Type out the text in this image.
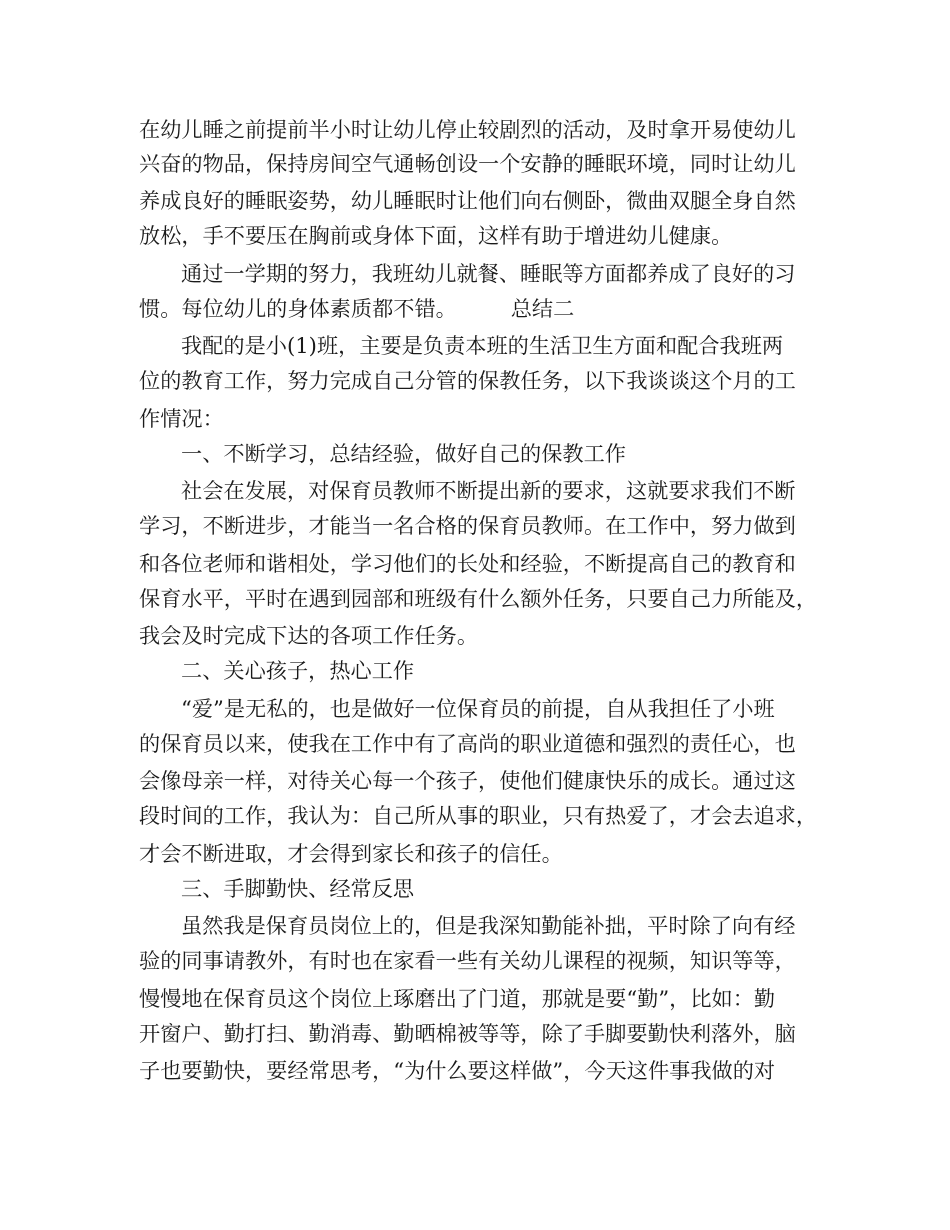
在幼儿睡之前提前半小时让幼儿停止较剧烈的活动，及时拿开易使幼儿
兴奋的物品，保持房间空气通畅创设一个安静的睡眠环境，同时让幼儿
养成良好的睡眠姿势，幼儿睡眠时让他们向右侧卧，微曲双腿全身自然
放松，手不要压在胸前或身体下面，这样有助于增进幼儿健康。
通过一学期的努力，我班幼儿就餐、睡眠等方面都养成了良好的习
惯。每位幼儿的身体素质都不错。        总结二
我配的是小(1)班，主要是负责本班的生活卫生方面和配合我班两
位的教育工作，努力完成自己分管的保教任务，以下我谈谈这个月的工
作情况：
一、不断学习，总结经验，做好自己的保教工作
社会在发展，对保育员教师不断提出新的要求，这就要求我们不断
学习，不断进步，才能当一名合格的保育员教师。在工作中，努力做到
和各位老师和谐相处，学习他们的长处和经验，不断提高自己的教育和
保育水平，平时在遇到园部和班级有什么额外任务，只要自己力所能及，
我会及时完成下达的各项工作任务。
二、关心孩子，热心工作
“爱”是无私的，也是做好一位保育员的前提，自从我担任了小班
的保育员以来，使我在工作中有了高尚的职业道德和强烈的责任心，也
会像母亲一样，对待关心每一个孩子，使他们健康快乐的成长。通过这
段时间的工作，我认为：自己所从事的职业，只有热爱了，才会去追求，
才会不断进取，才会得到家长和孩子的信任。
三、手脚勤快、经常反思
虽然我是保育员岗位上的，但是我深知勤能补拙，平时除了向有经
验的同事请教外，有时也在家看一些有关幼儿课程的视频，知识等等，
慢慢地在保育员这个岗位上琢磨出了门道，那就是要“勤”，比如：勤
开窗户、勤打扫、勤消毒、勤晒棉被等等，除了手脚要勤快利落外，脑
子也要勤快，要经常思考，“为什么要这样做”，今天这件事我做的对
